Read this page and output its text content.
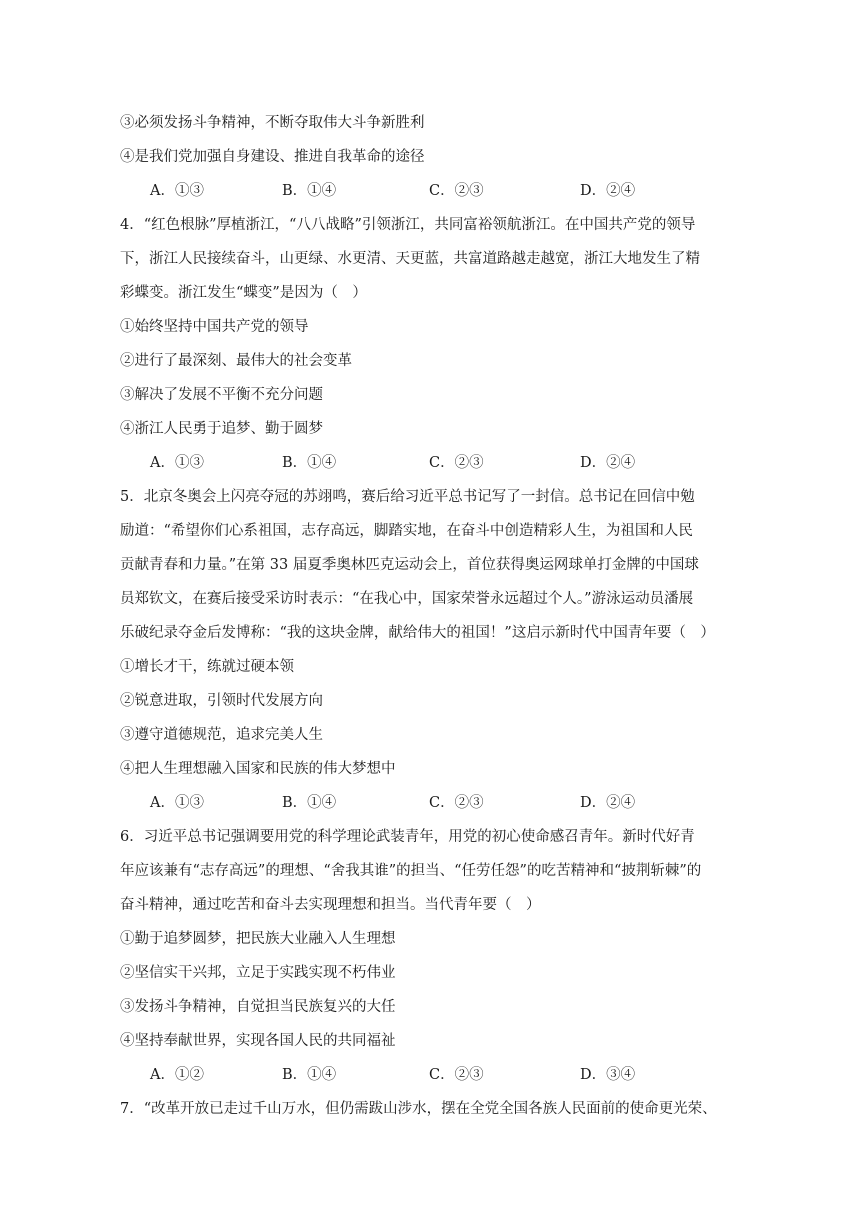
③必须发扬斗争精神，不断夺取伟大斗争新胜利
④是我们党加强自身建设、推进自我革命的途径
A．①③	B．①④	C．②③	D．②④
4．“红色根脉”厚植浙江，“八八战略”引领浙江，共同富裕领航浙江。在中国共产党的领导
下，浙江人民接续奋斗，山更绿、水更清、天更蓝，共富道路越走越宽，浙江大地发生了精
彩蝶变。浙江发生“蝶变”是因为（　）
①始终坚持中国共产党的领导
②进行了最深刻、最伟大的社会变革
③解决了发展不平衡不充分问题
④浙江人民勇于追梦、勤于圆梦
A．①③	B．①④	C．②③	D．②④
5．北京冬奥会上闪亮夺冠的苏翊鸣，赛后给习近平总书记写了一封信。总书记在回信中勉
励道：“希望你们心系祖国，志存高远，脚踏实地，在奋斗中创造精彩人生，为祖国和人民
贡献青春和力量。”在第 33 届夏季奥林匹克运动会上，首位获得奥运网球单打金牌的中国球
员郑钦文，在赛后接受采访时表示：“在我心中，国家荣誉永远超过个人。”游泳运动员潘展
乐破纪录夺金后发博称：“我的这块金牌，献给伟大的祖国！”这启示新时代中国青年要（　）
①增长才干，练就过硬本领
②锐意进取，引领时代发展方向
③遵守道德规范，追求完美人生
④把人生理想融入国家和民族的伟大梦想中
A．①③	B．①④	C．②③	D．②④
6．习近平总书记强调要用党的科学理论武装青年，用党的初心使命感召青年。新时代好青
年应该兼有“志存高远”的理想、“舍我其谁”的担当、“任劳任怨”的吃苦精神和“披荆斩棘”的
奋斗精神，通过吃苦和奋斗去实现理想和担当。当代青年要（　）
①勤于追梦圆梦，把民族大业融入人生理想
②坚信实干兴邦，立足于实践实现不朽伟业
③发扬斗争精神，自觉担当民族复兴的大任
④坚持奉献世界，实现各国人民的共同福祉
A．①②	B．①④	C．②③	D．③④
7．“改革开放已走过千山万水，但仍需跋山涉水，摆在全党全国各族人民面前的使命更光荣、
